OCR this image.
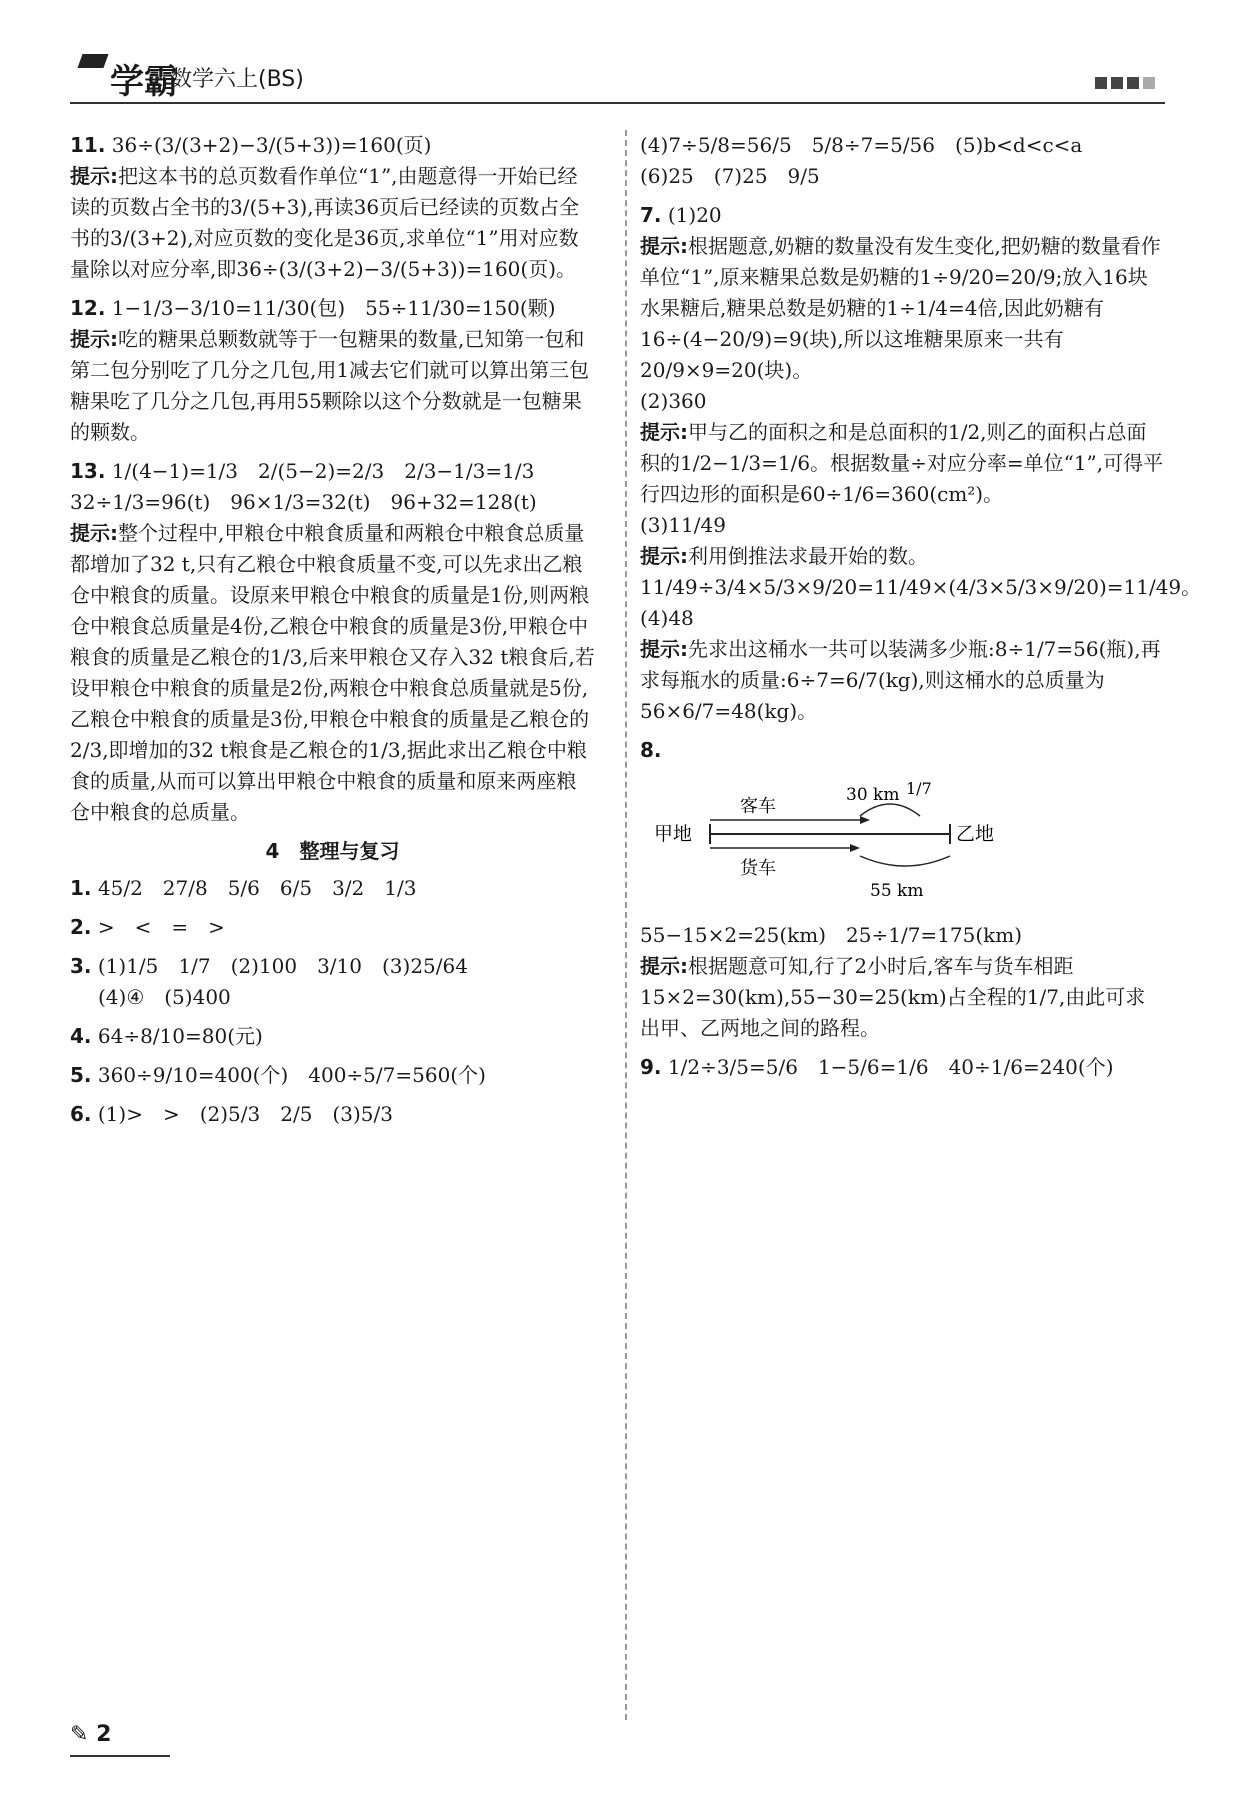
学霸
数学六上(BS)
11. 36÷(3/(3+2)−3/(5+3))=160(页)
提示:把这本书的总页数看作单位“1”,由题意得一开始已经读的页数占全书的3/(5+3),再读36页后已经读的页数占全书的3/(3+2),对应页数的变化是36页,求单位“1”用对应数量除以对应分率,即36÷(3/(3+2)−3/(5+3))=160(页)。
12. 1−1/3−3/10=11/30(包)　55÷11/30=150(颗)
提示:吃的糖果总颗数就等于一包糖果的数量,已知第一包和第二包分别吃了几分之几包,用1减去它们就可以算出第三包糖果吃了几分之几包,再用55颗除以这个分数就是一包糖果的颗数。
13. 1/(4−1)=1/3　2/(5−2)=2/3　2/3−1/3=1/3
32÷1/3=96(t)　96×1/3=32(t)　96+32=128(t)
提示:整个过程中,甲粮仓中粮食质量和两粮仓中粮食总质量都增加了32 t,只有乙粮仓中粮食质量不变,可以先求出乙粮仓中粮食的质量。设原来甲粮仓中粮食的质量是1份,则两粮仓中粮食总质量是4份,乙粮仓中粮食的质量是3份,甲粮仓中粮食的质量是乙粮仓的1/3,后来甲粮仓又存入32 t粮食后,若设甲粮仓中粮食的质量是2份,两粮仓中粮食总质量就是5份,乙粮仓中粮食的质量是3份,甲粮仓中粮食的质量是乙粮仓的2/3,即增加的32 t粮食是乙粮仓的1/3,据此求出乙粮仓中粮食的质量,从而可以算出甲粮仓中粮食的质量和原来两座粮仓中粮食的总质量。
4　整理与复习
1. 45/2　27/8　5/6　6/5　3/2　1/3
2. >　<　=　>
3. (1)1/5　1/7　(2)100　3/10　(3)25/64
(4)④　(5)400
4. 64÷8/10=80(元)
5. 360÷9/10=400(个)　400÷5/7=560(个)
6. (1)>　>　(2)5/3　2/5　(3)5/3
(4)7÷5/8=56/5　5/8÷7=5/56　(5)b<d<c<a
(6)25　(7)25　9/5
7. (1)20
提示:根据题意,奶糖的数量没有发生变化,把奶糖的数量看作单位“1”,原来糖果总数是奶糖的1÷9/20=20/9;放入16块水果糖后,糖果总数是奶糖的1÷1/4=4倍,因此奶糖有16÷(4−20/9)=9(块),所以这堆糖果原来一共有20/9×9=20(块)。
(2)360
提示:甲与乙的面积之和是总面积的1/2,则乙的面积占总面积的1/2−1/3=1/6。根据数量÷对应分率=单位“1”,可得平行四边形的面积是60÷1/6=360(cm²)。
(3)11/49
提示:利用倒推法求最开始的数。11/49÷3/4×5/3×9/20=11/49×(4/3×5/3×9/20)=11/49。
(4)48
提示:先求出这桶水一共可以装满多少瓶:8÷1/7=56(瓶),再求每瓶水的质量:6÷7=6/7(kg),则这桶水的总质量为56×6/7=48(kg)。
8.
甲地	乙地
客车
货车
30 km 1/7
55 km
55−15×2=25(km)　25÷1/7=175(km)
提示:根据题意可知,行了2小时后,客车与货车相距15×2=30(km),55−30=25(km)占全程的1/7,由此可求出甲、乙两地之间的路程。
9. 1/2÷3/5=5/6　1−5/6=1/6　40÷1/6=240(个)
✎ 2
